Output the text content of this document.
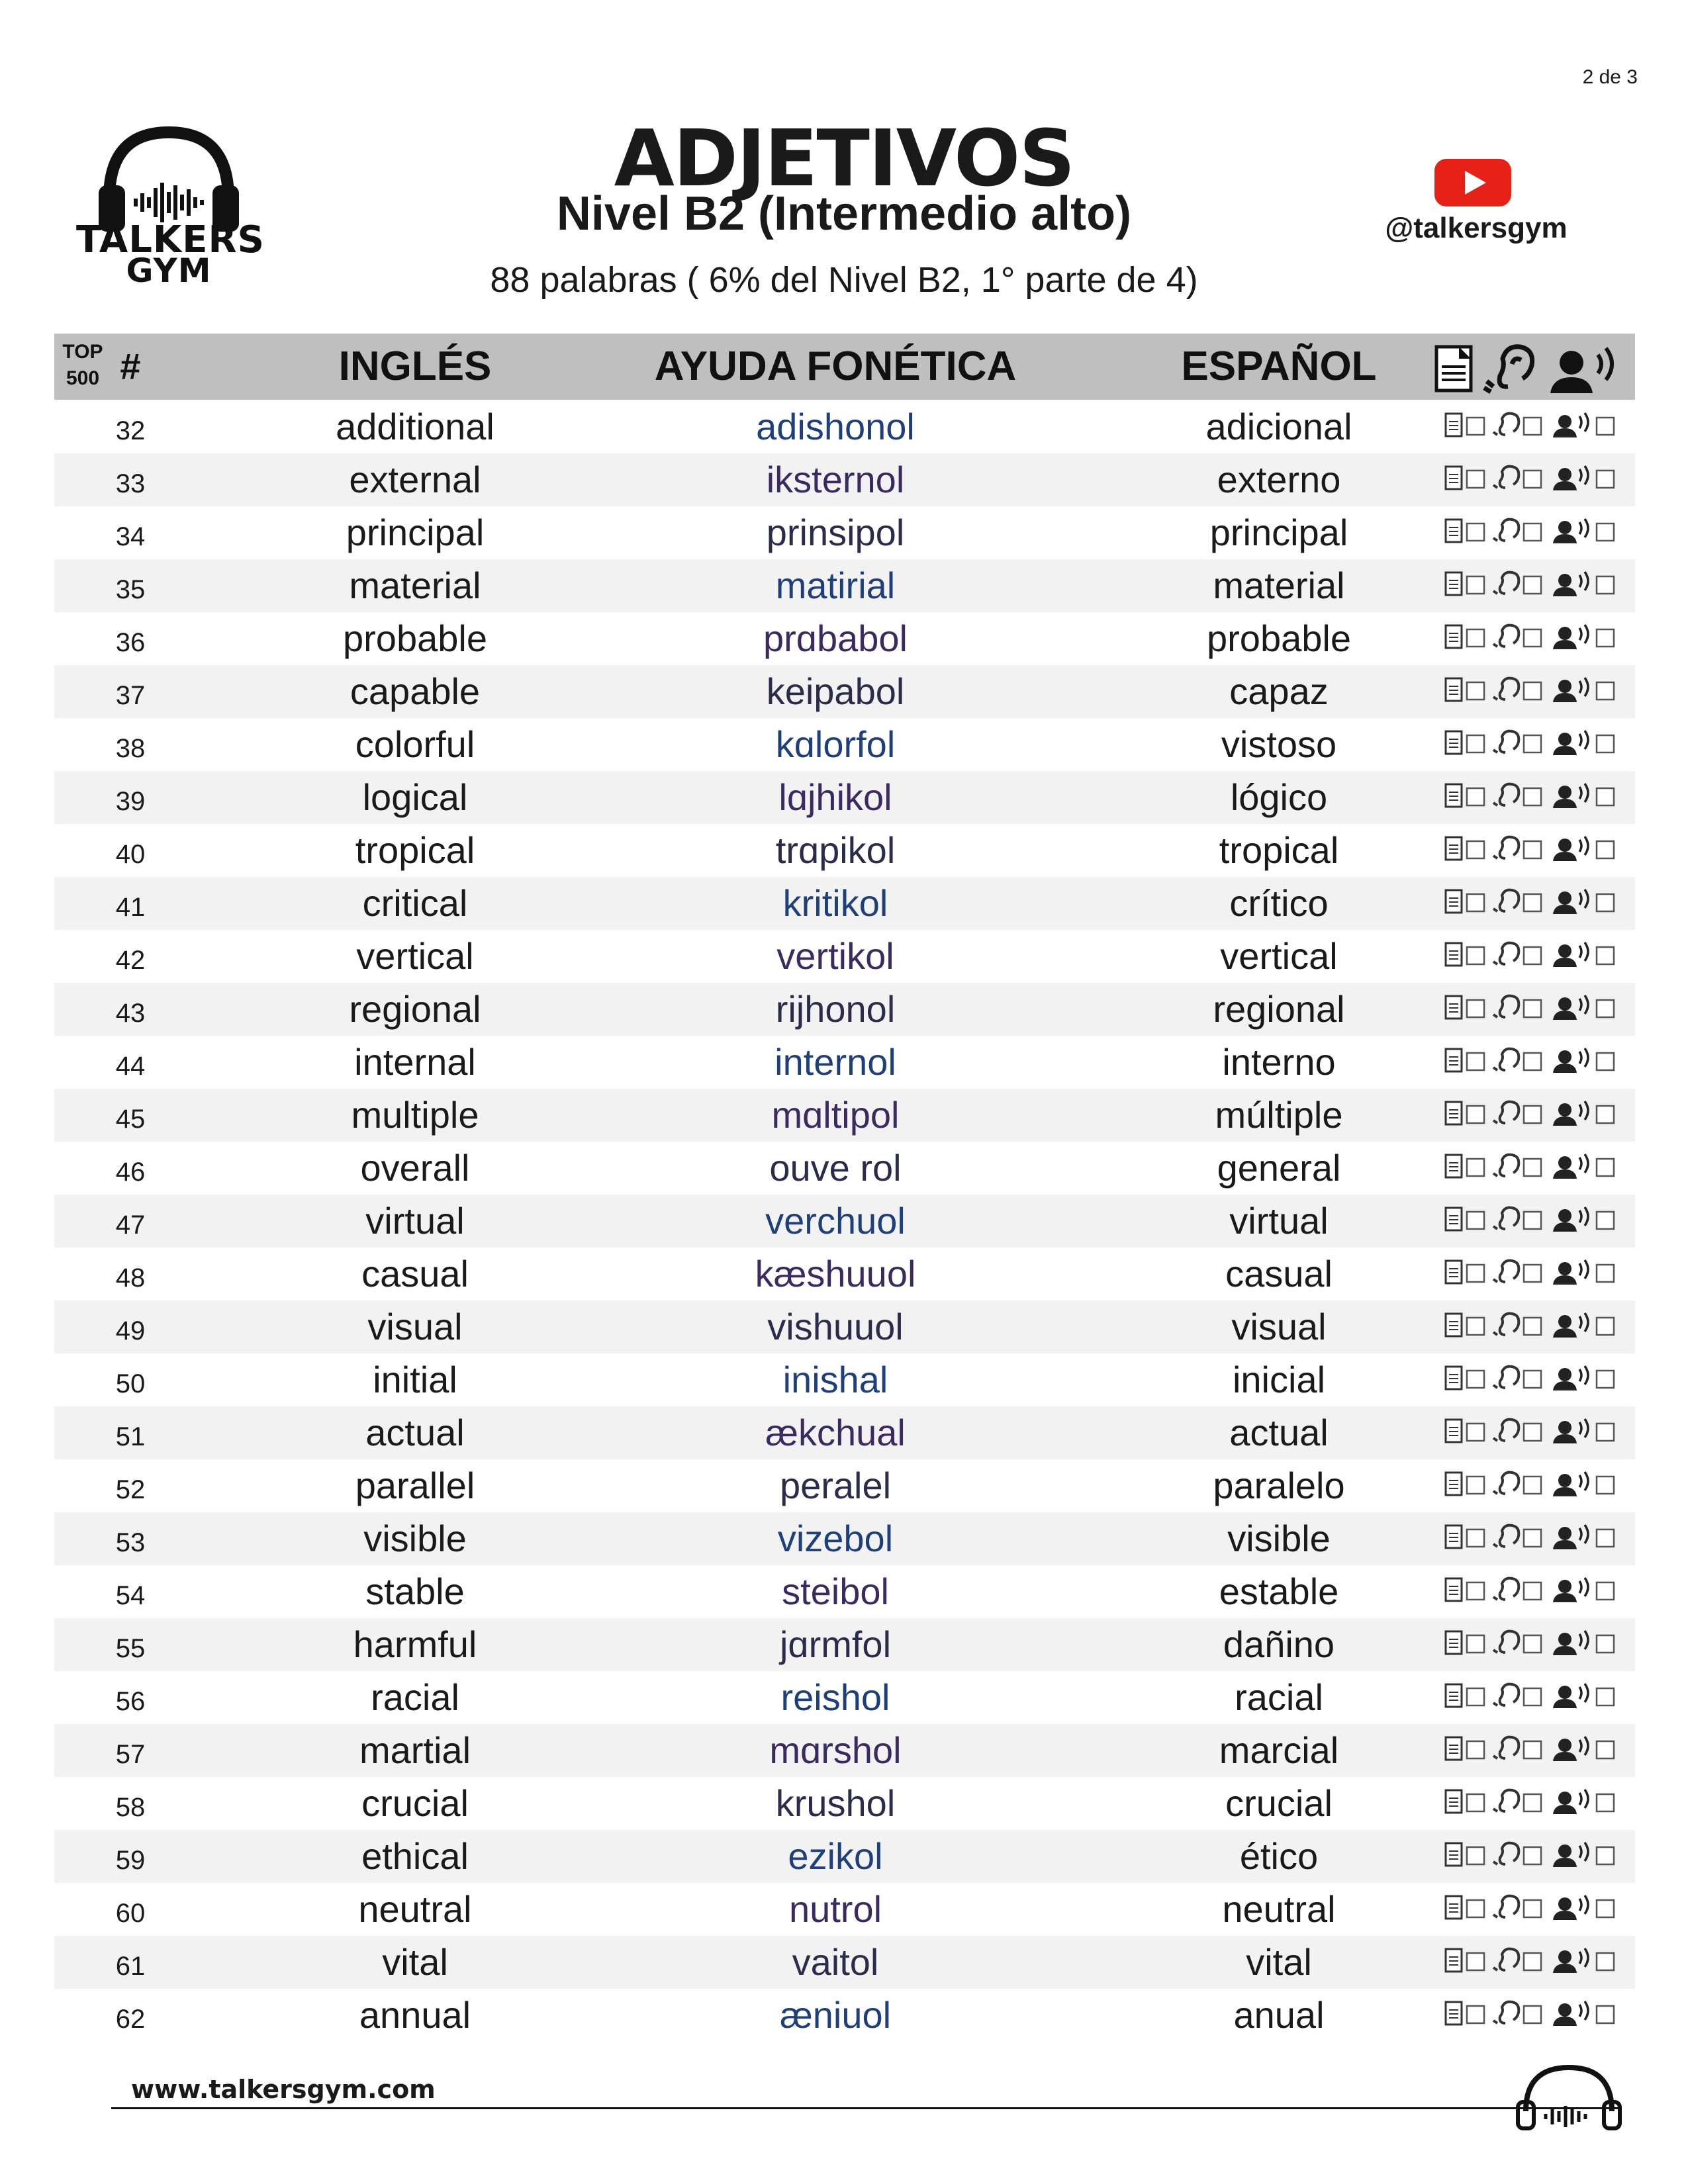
2 de 3
TALKERS
GYM
ADJETIVOS
Nivel B2 (Intermedio alto)
88 palabras ( 6% del Nivel B2, 1° parte de 4)
@talkersgym
TOP
500 #	INGLÉS	AYUDA FONÉTICA	ESPAÑOL
32	additional	adishonol	adicional
33	external	ikstern​ol	externo
34	principal	prinsipol	principal
35	material	matirial	material
36	probable	prɑbabol	probable
37	capable	keipabol	capaz
38	colorful	kɑlorfol	vistoso
39	logical	lɑjhikol	lógico
40	tropical	trɑpikol	tropical
41	critical	kritikol	crítico
42	vertical	vertikol	vertical
43	regional	rijhonol	regional
44	internal	internol	interno
45	multiple	mɑltipol	múltiple
46	overall	ouve rol	general
47	virtual	verchuol	virtual
48	casual	kæshuuol	casual
49	visual	vishuuol	visual
50	initial	inishal	inicial
51	actual	ækchual	actual
52	parallel	peralel	paralelo
53	visible	vizebol	visible
54	stable	steibol	estable
55	harmful	jɑrmfol	dañino
56	racial	reishol	racial
57	martial	mɑrshol	marcial
58	crucial	krushol	crucial
59	ethical	ezikol	ético
60	neutral	nutrol	neutral
61	vital	vaitol	vital
62	annual	æniuol	anual
www.talkersgym.com
